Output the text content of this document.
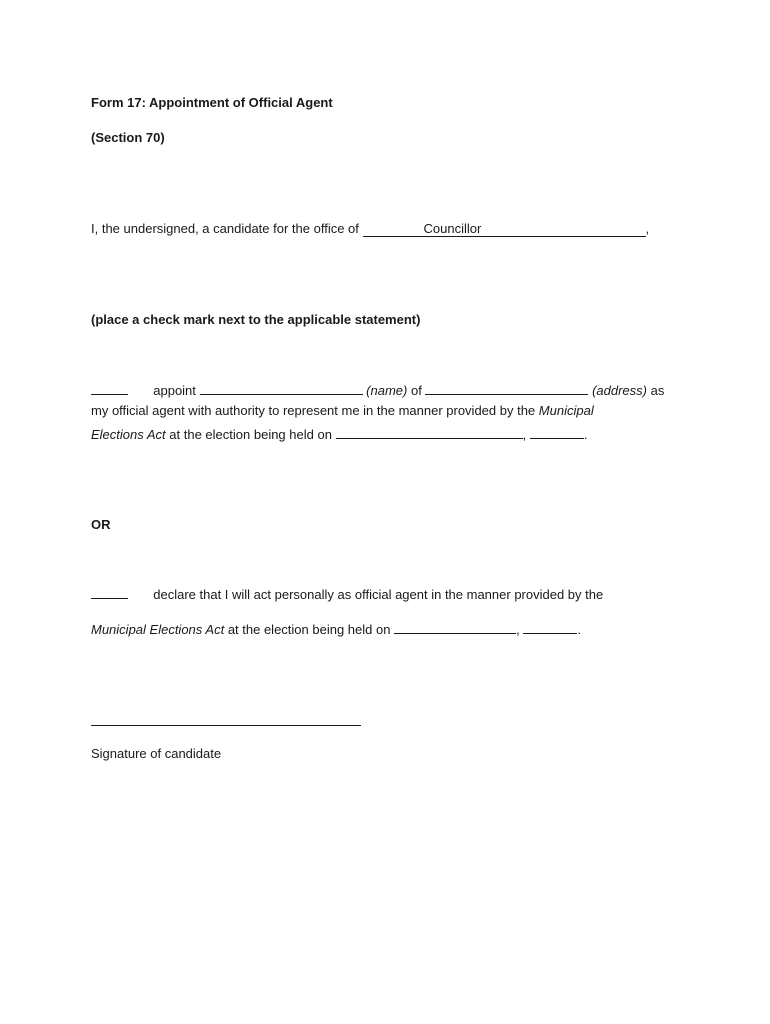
Form 17: Appointment of Official Agent
(Section 70)
I, the undersigned, a candidate for the office of	Councillor	,
(place a check mark next to the applicable statement)
appoint	(name) of	(address) as
my official agent with authority to represent me in the manner provided by the Municipal
Elections Act at the election being held on	,	.
OR
declare that I will act personally as official agent in the manner provided by the
Municipal Elections Act at the election being held on	,	.
Signature of candidate
